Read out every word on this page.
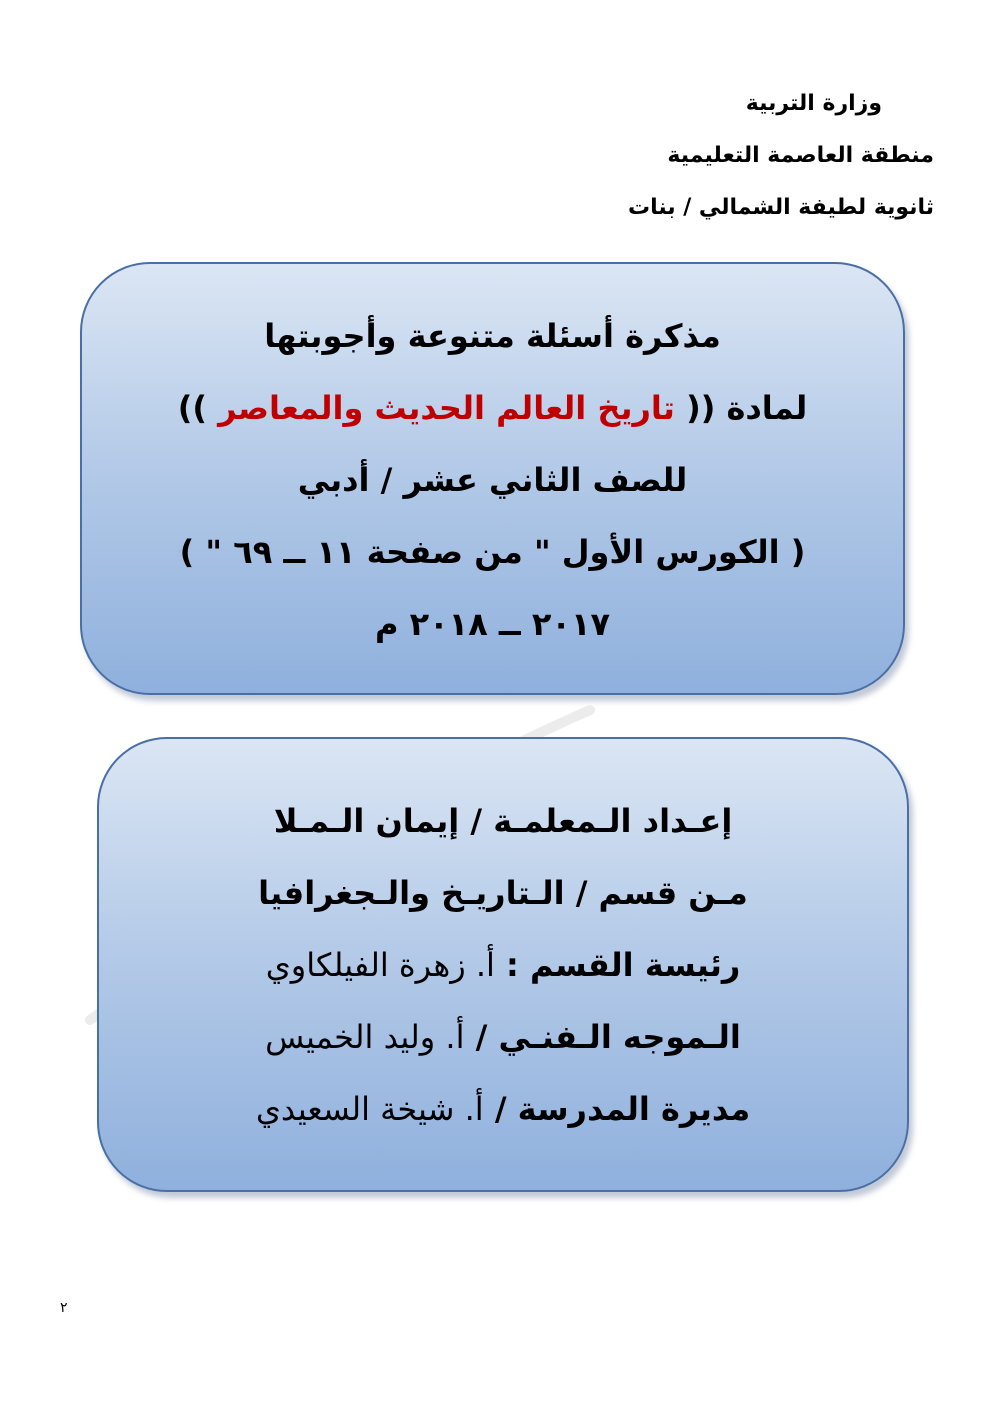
وزارة التربية
منطقة العاصمة التعليمية
ثانوية لطيفة الشمالي / بنات
مذكرة أسئلة متنوعة وأجوبتها
لمادة (( تاريخ العالم الحديث والمعاصر ))
للصف الثاني عشر / أدبي
( الكورس الأول " من صفحة ١١ ــ ٦٩ " )
٢٠١٧ ــ ٢٠١٨ م
إعـداد الـمعلمـة / إيمان الـمـلا
مـن قسم / الـتاريـخ والـجغرافيا
رئيسة القسم : أ. زهرة الفيلكاوي
الـموجه الـفنـي / أ. وليد الخميس
مديرة المدرسة / أ. شيخة السعيدي
٢
